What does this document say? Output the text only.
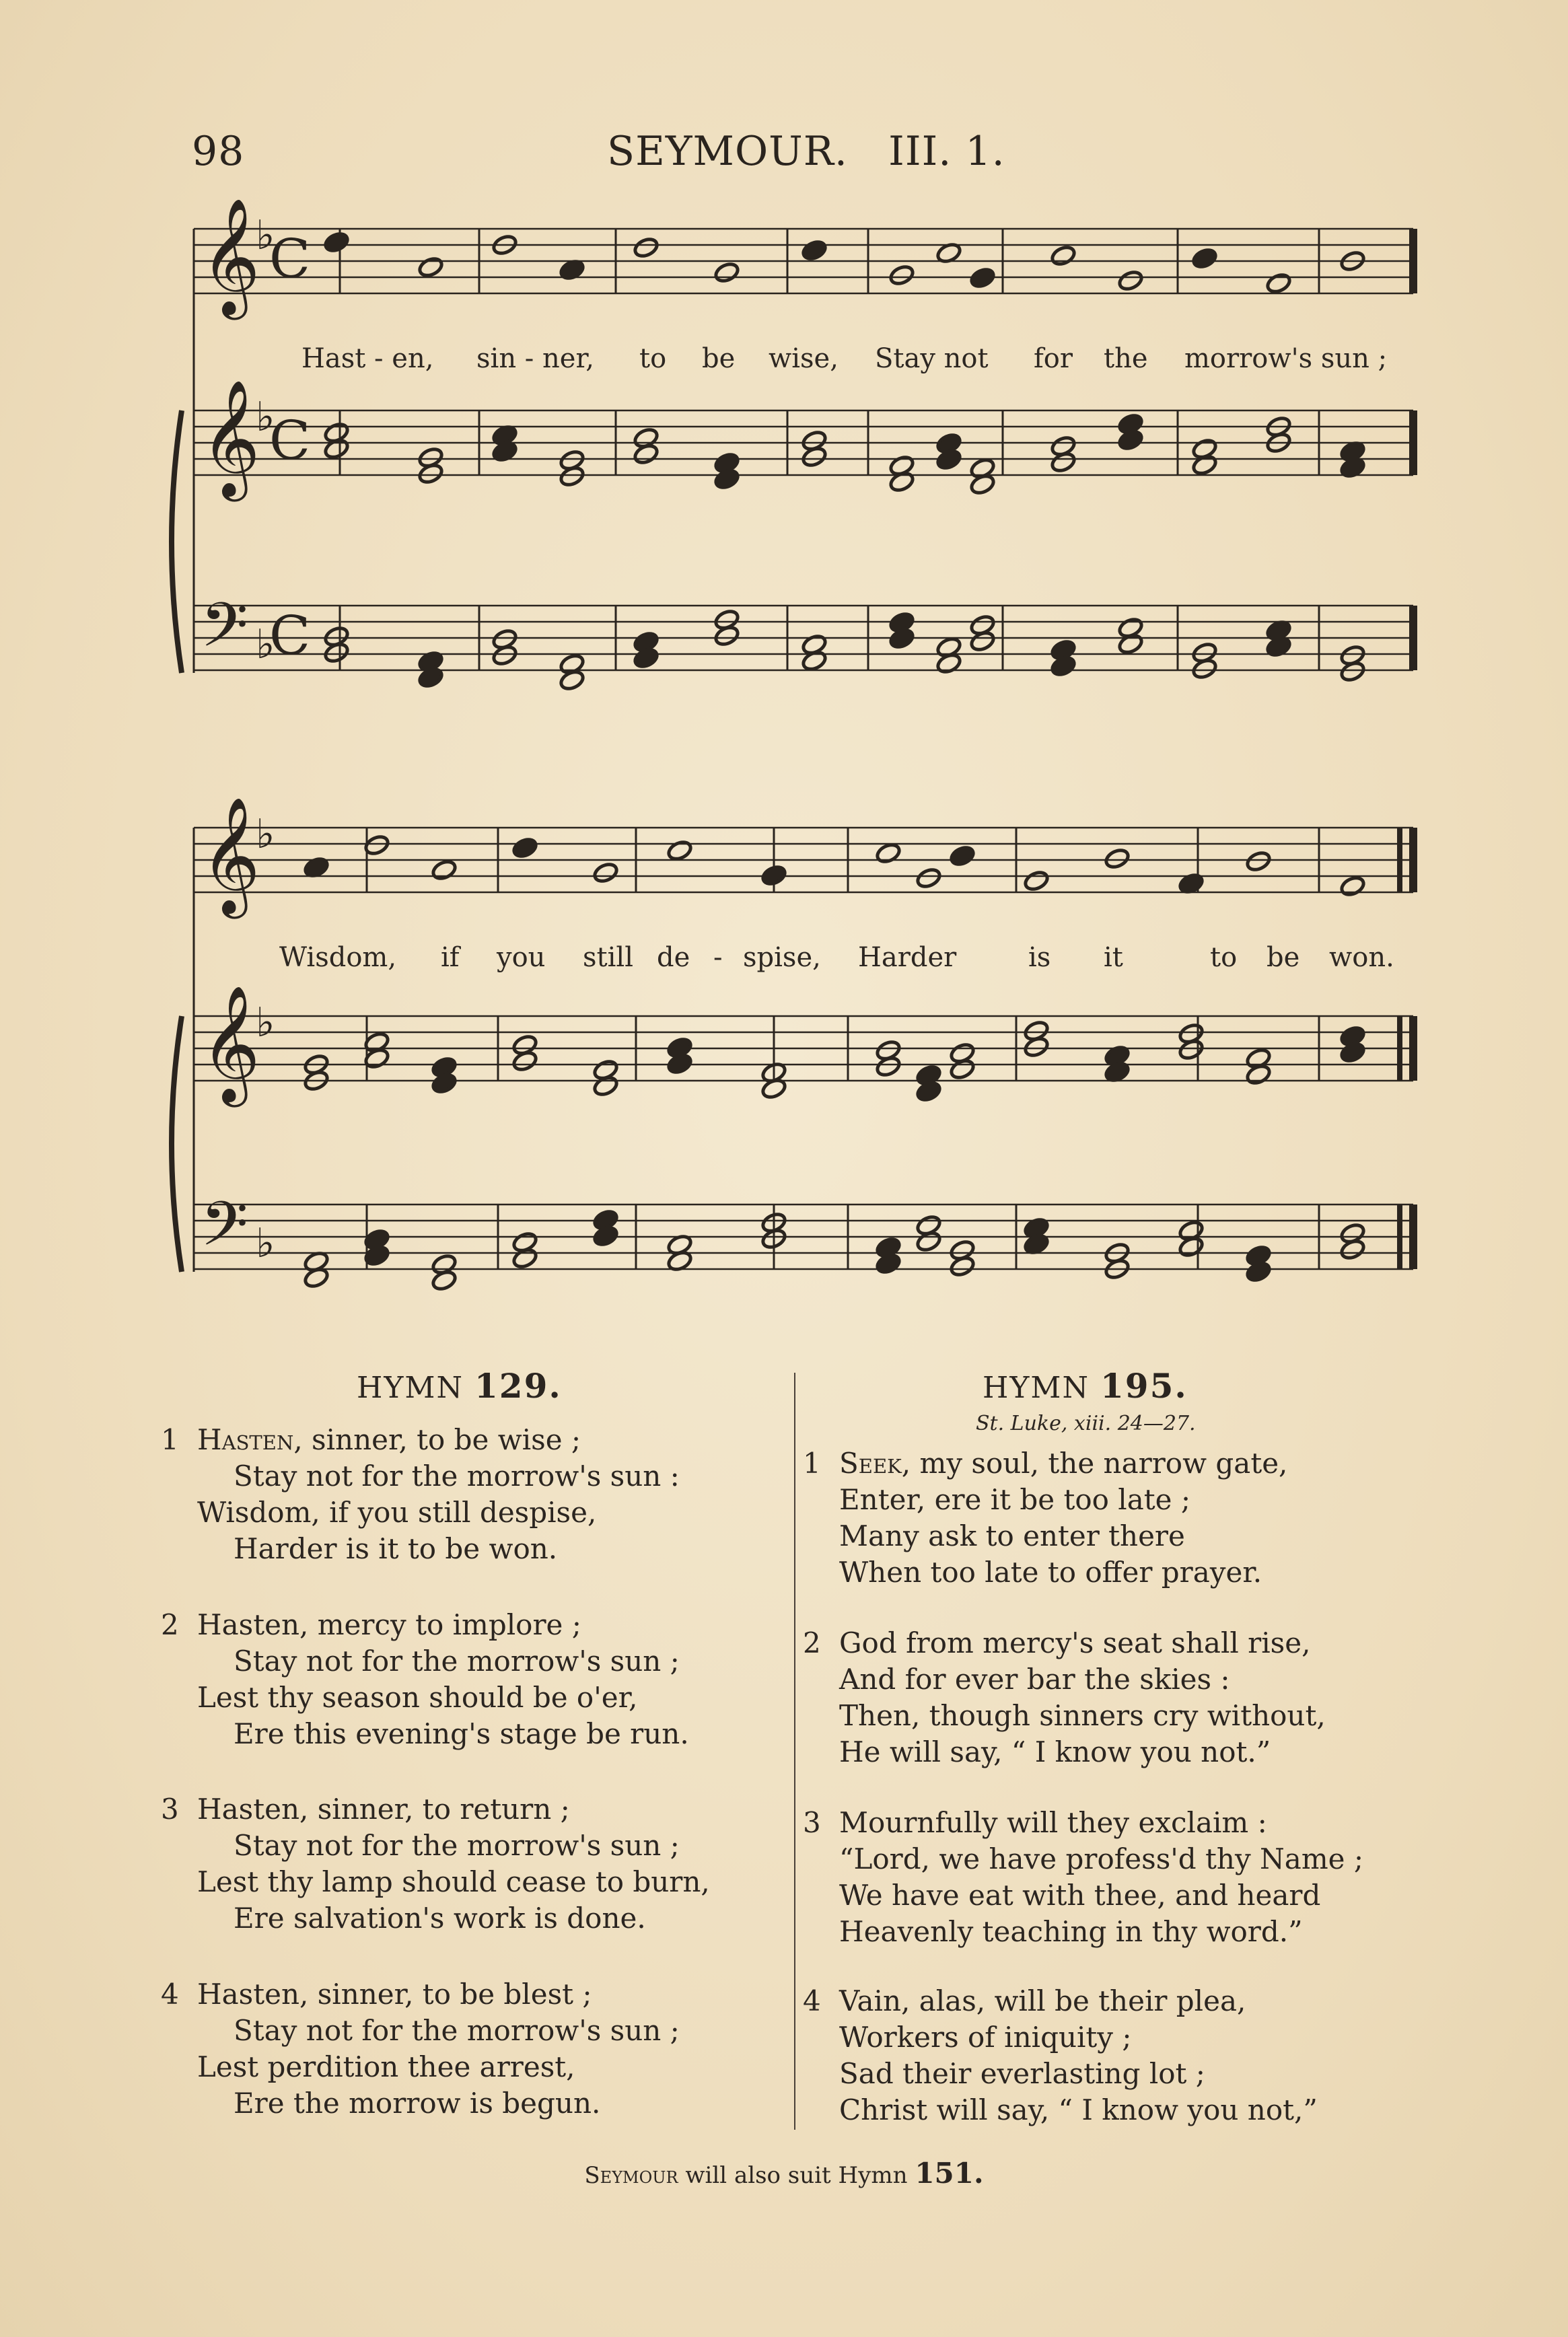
98	SEYMOUR.   III. 1.
𝄞
♭
C
𝄞
♭
C
𝄢 ♭
C
𝄞
♭
𝄞
♭
𝄢 ♭
Hast - en, sin - ner, to be wise, Stay not for the morrow's sun ;
Wisdom, if you still de - spise, Harder	is it	to be won.
HYMN 129.
1 Hasten, sinner, to be wise ;
Stay not for the morrow's sun :
Wisdom, if you still despise,
Harder is it to be won.
2 Hasten, mercy to implore ;
Stay not for the morrow's sun ;
Lest thy season should be o'er,
Ere this evening's stage be run.
3 Hasten, sinner, to return ;
Stay not for the morrow's sun ;
Lest thy lamp should cease to burn,
Ere salvation's work is done.
4 Hasten, sinner, to be blest ;
Stay not for the morrow's sun ;
Lest perdition thee arrest,
Ere the morrow is begun.
HYMN 195.
St. Luke, xiii. 24—27.
1 Seek, my soul, the narrow gate,
Enter, ere it be too late ;
Many ask to enter there
When too late to offer prayer.
2 God from mercy's seat shall rise,
And for ever bar the skies :
Then, though sinners cry without,
He will say, “ I know you not.”
3 Mournfully will they exclaim :
“Lord, we have profess'd thy Name ;
We have eat with thee, and heard
Heavenly teaching in thy word.”
4 Vain, alas, will be their plea,
Workers of iniquity ;
Sad their everlasting lot ;
Christ will say, “ I know you not,”
Seymour will also suit Hymn 151.
